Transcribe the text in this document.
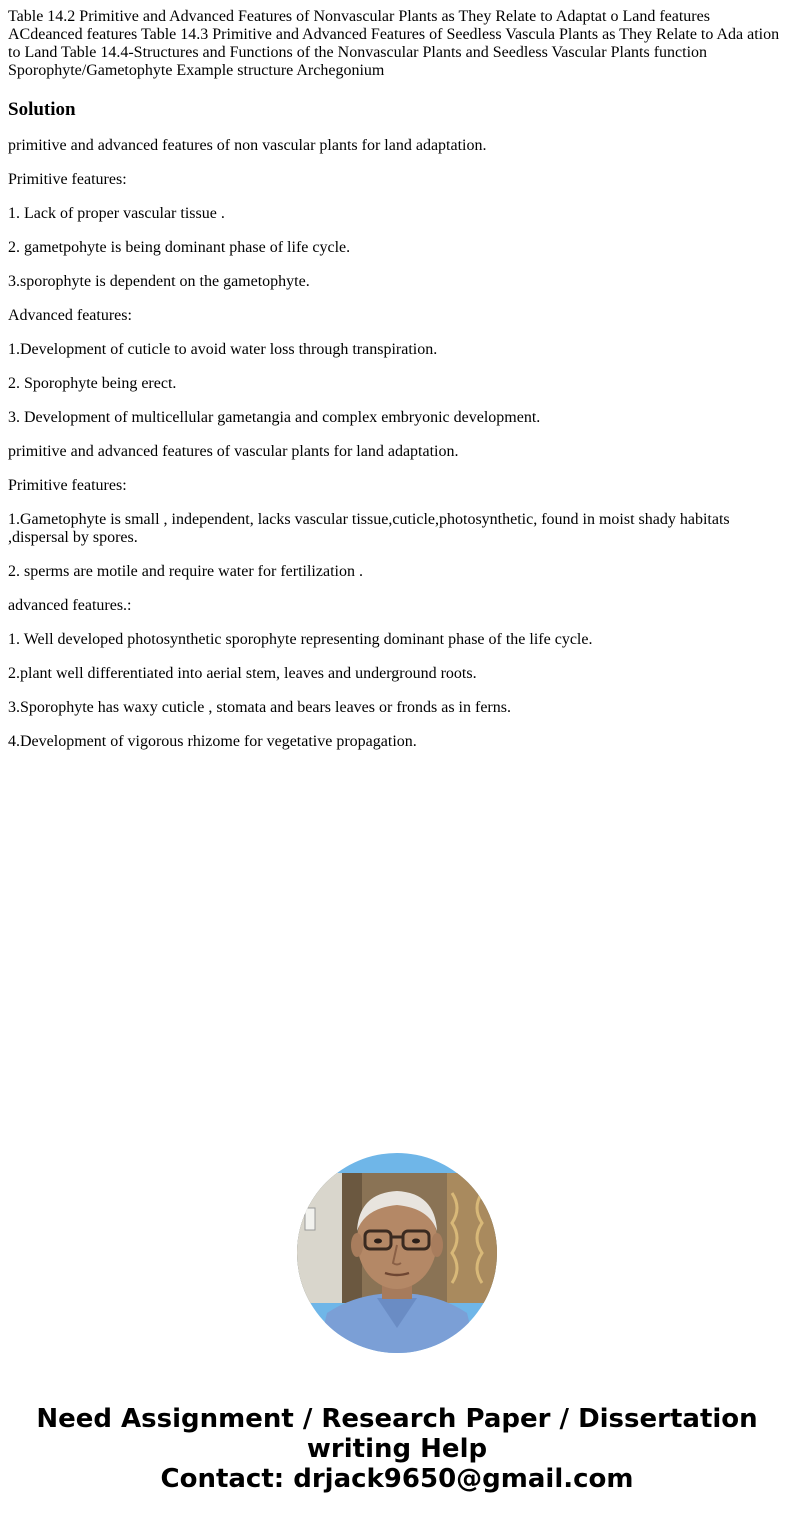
Table 14.2 Primitive and Advanced Features of Nonvascular Plants as They Relate to Adaptat o Land features ACdeanced features Table 14.3 Primitive and Advanced Features of Seedless Vascula Plants as They Relate to Ada ation to Land Table 14.4-Structures and Functions of the Nonvascular Plants and Seedless Vascular Plants function Sporophyte/Gametophyte Example structure Archegonium

Solution

primitive and advanced features of non vascular plants for land adaptation.

Primitive features:

1. Lack of proper vascular tissue .

2. gametpohyte is being dominant phase of life cycle.

3.sporophyte is dependent on the gametophyte.

Advanced features:

1.Development of cuticle to avoid water loss through transpiration.

2. Sporophyte being erect.

3. Development of multicellular gametangia and complex embryonic development.

primitive and advanced features of vascular plants for land adaptation.

Primitive features:

1.Gametophyte is small , independent, lacks vascular tissue,cuticle,photosynthetic, found in moist shady habitats ,dispersal by spores.

2. sperms are motile and require water for fertilization .

advanced features.:

1. Well developed photosynthetic sporophyte representing dominant phase of the life cycle.

2.plant well differentiated into aerial stem, leaves and underground roots.

3.Sporophyte has waxy cuticle , stomata and bears leaves or fronds as in ferns.

4.Development of vigorous rhizome for vegetative propagation.

Need Assignment / Research Paper / Dissertation
writing Help
Contact: drjack9650@gmail.com
